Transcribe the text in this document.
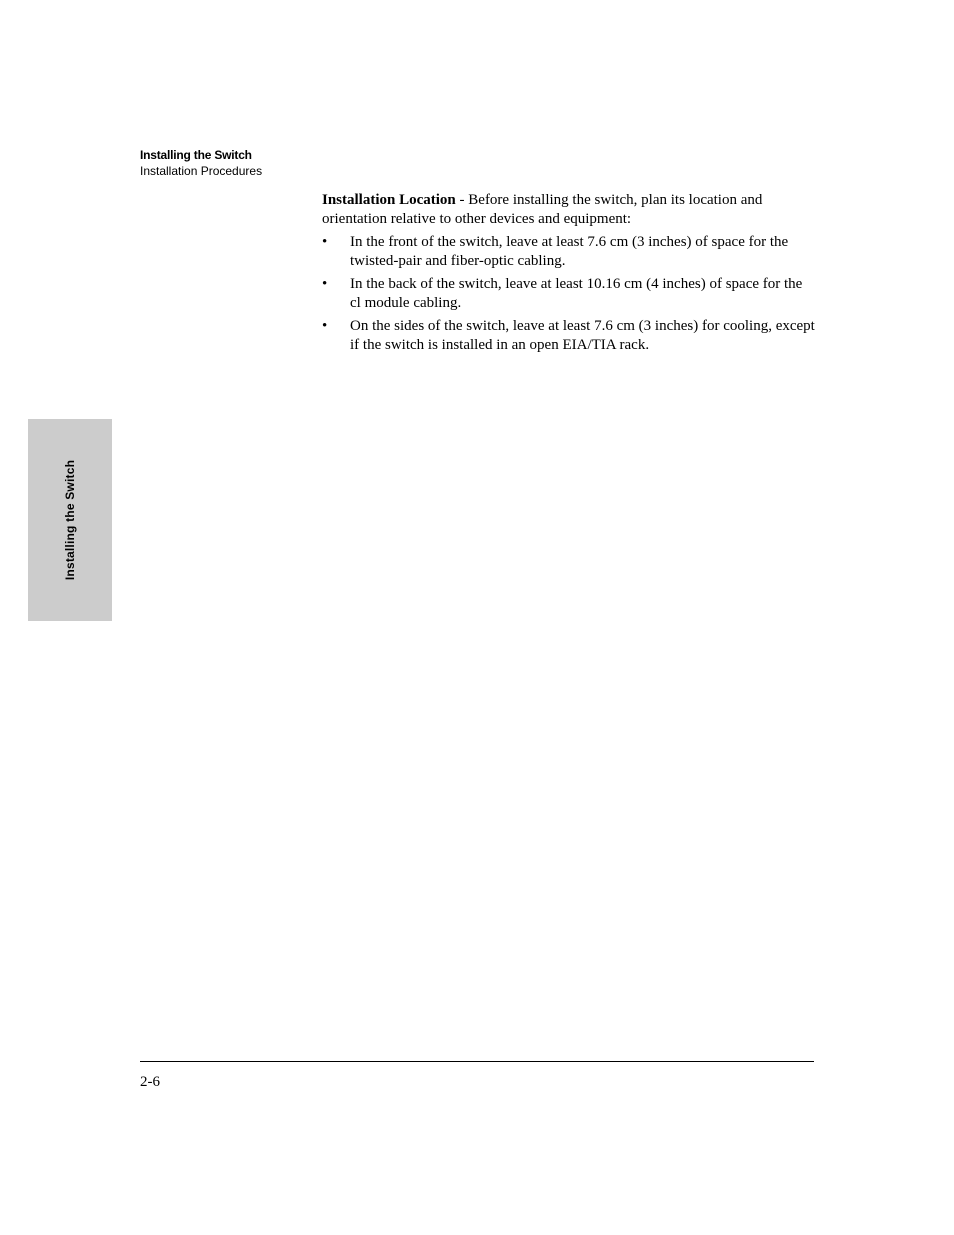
Installing the Switch
Installation Procedures
Installing the Switch

Installation Location - Before installing the switch, plan its location and orientation relative to other devices and equipment:

• In the front of the switch, leave at least 7.6 cm (3 inches) of space for the twisted-pair and fiber-optic cabling.
• In the back of the switch, leave at least 10.16 cm (4 inches) of space for the cl module cabling.
• On the sides of the switch, leave at least 7.6 cm (3 inches) for cooling, except if the switch is installed in an open EIA/TIA rack.
2-6
